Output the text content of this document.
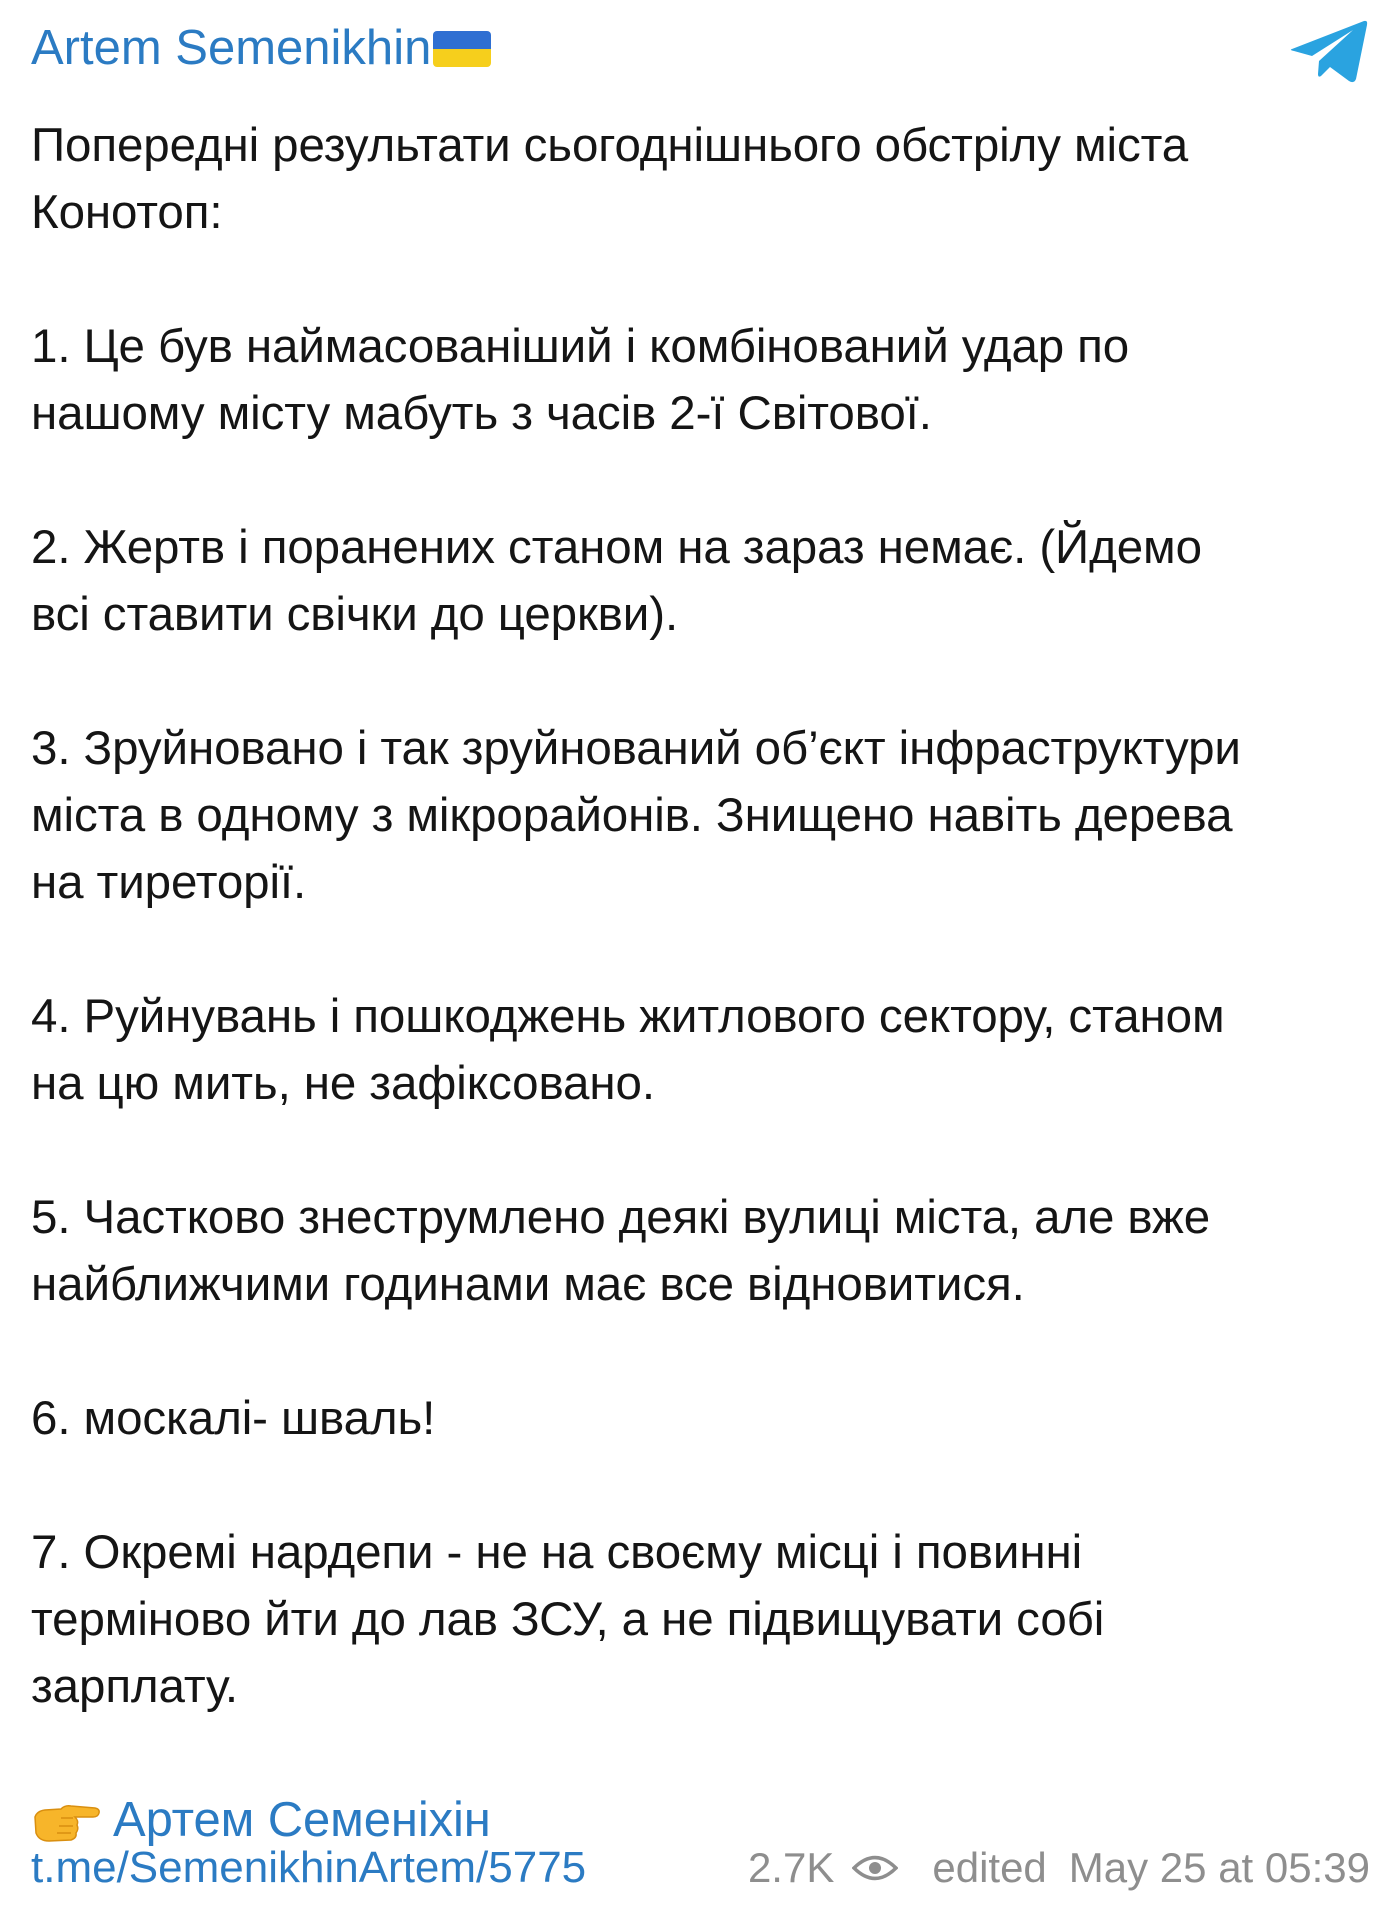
Artem Semenikhin

Попередні результати сьогоднішнього обстрілу міста
Конотоп:

1. Це був наймасованіший і комбінований удар по
нашому місту мабуть з часів 2-ї Світової.

2. Жертв і поранених станом на зараз немає. (Йдемо
всі ставити свічки до церкви).

3. Зруйновано і так зруйнований об’єкт інфраструктури
міста в одному з мікрорайонів. Знищено навіть дерева
на тиреторії.

4. Руйнувань і пошкоджень житлового сектору, станом
на цю мить, не зафіксовано.

5. Частково знеструмлено деякі вулиці міста, але вже
найближчими годинами має все відновитися.

6. москалі- шваль!

7. Окремі нардепи - не на своєму місці і повинні
терміново йти до лав ЗСУ, а не підвищувати собі
зарплату.

Артем Семеніхін
t.me/SemenikhinArtem/5775	2.7K edited May 25 at 05:39
